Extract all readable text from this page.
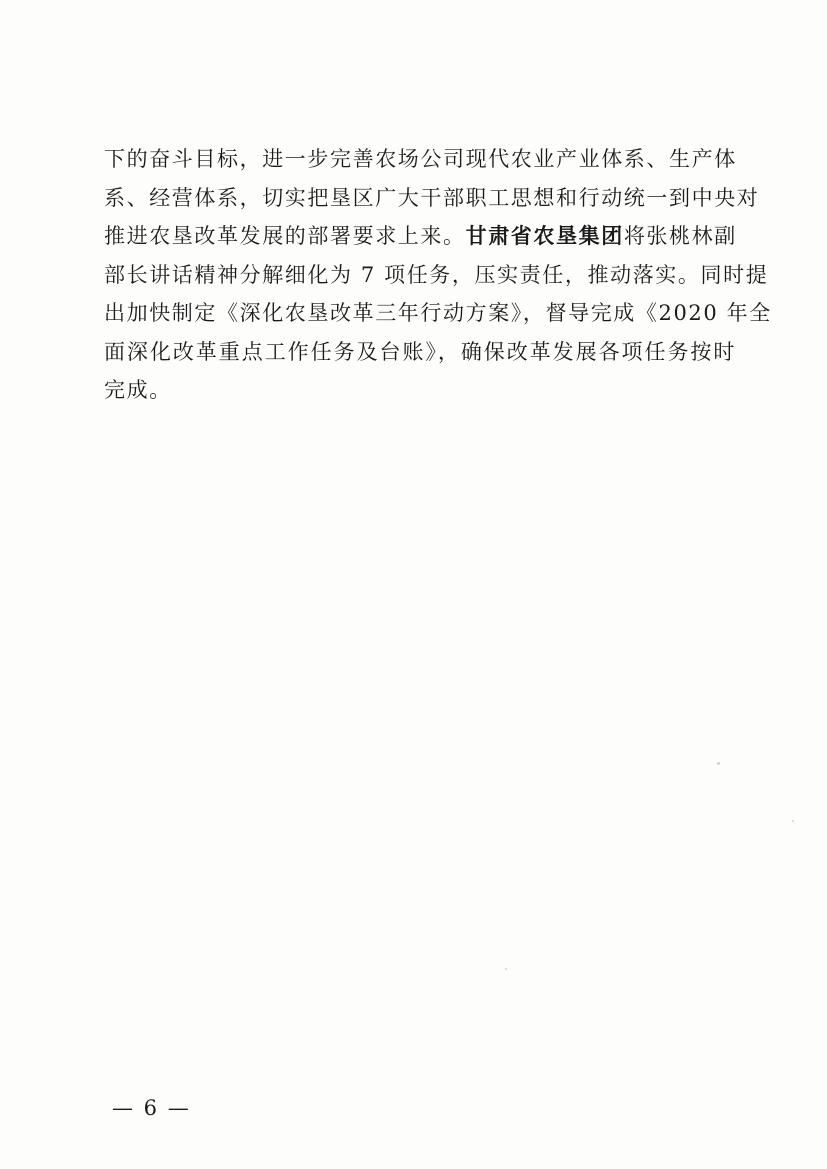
下的奋斗目标，进一步完善农场公司现代农业产业体系、生产体
系、经营体系，切实把垦区广大干部职工思想和行动统一到中央对
推进农垦改革发展的部署要求上来。甘肃省农垦集团将张桃林副
部长讲话精神分解细化为 7 项任务，压实责任，推动落实。同时提
出加快制定《深化农垦改革三年行动方案》，督导完成《2020 年全
面深化改革重点工作任务及台账》，确保改革发展各项任务按时
完成。

— 6 —
